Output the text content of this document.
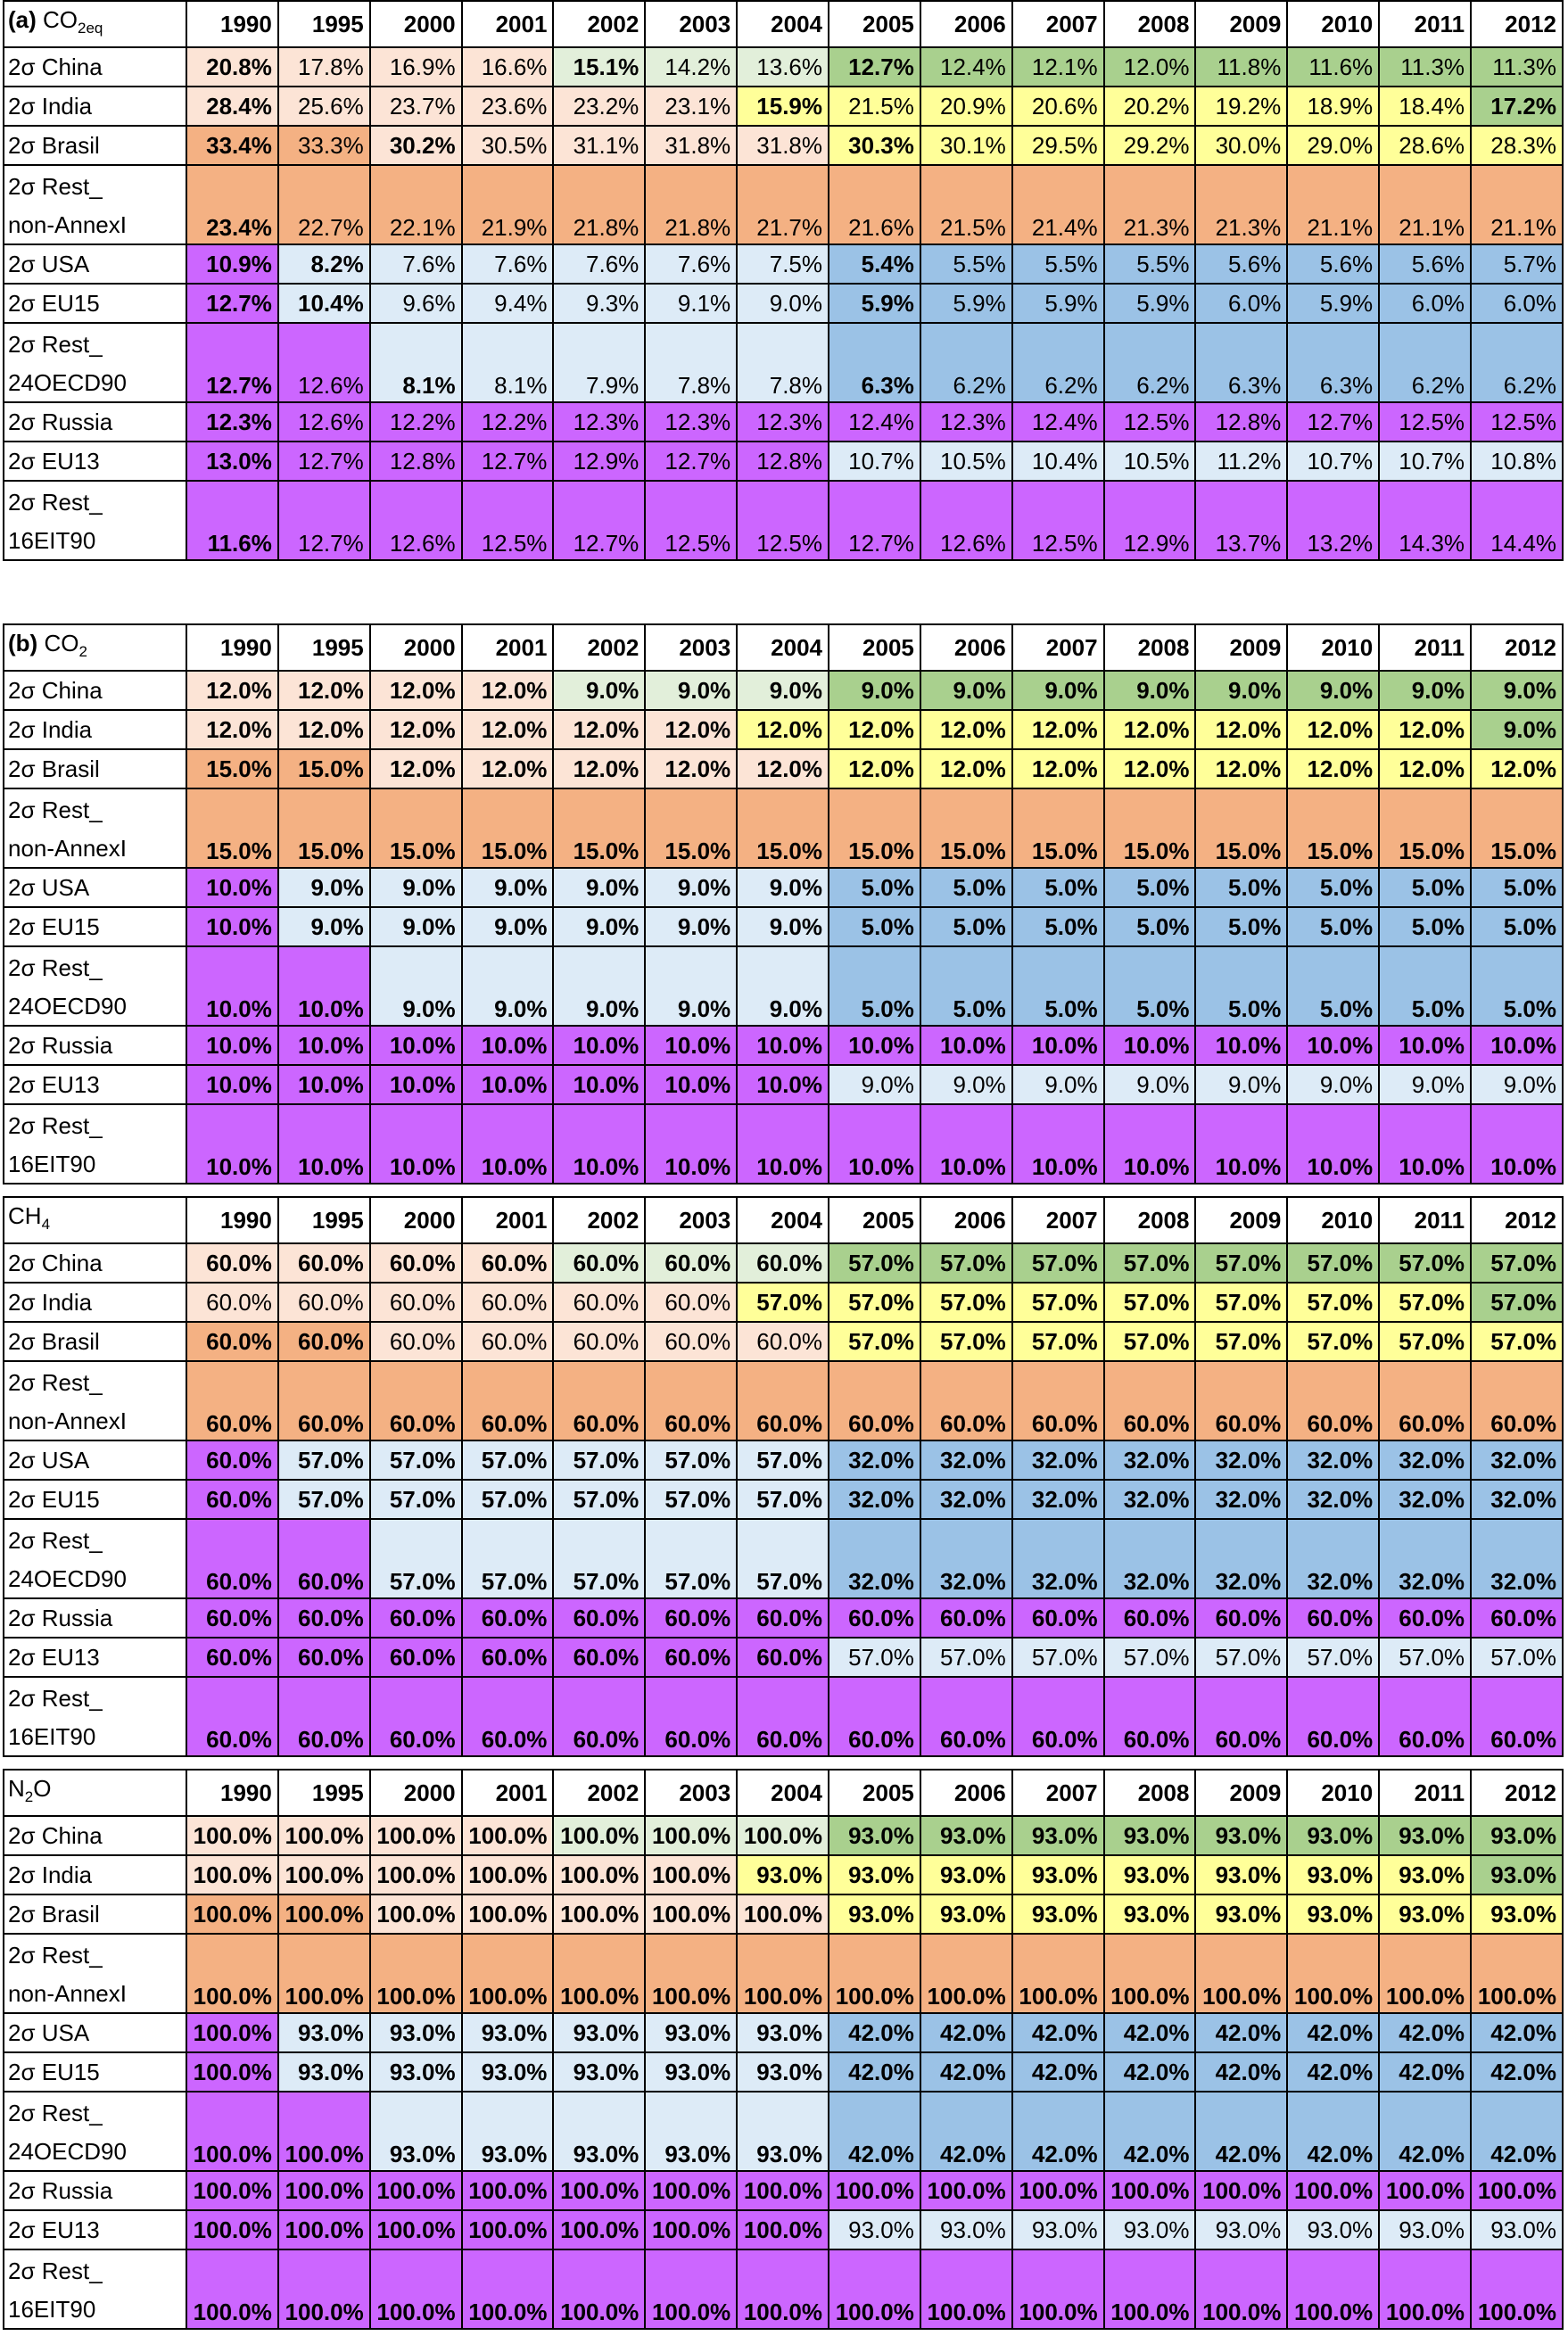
(a) $CO_{2eq}$	1990	1995	2000	2001	2002	2003	2004	2005	2006	2007	2008	2009	2010	2011	2012
2σ China	20.8%	17.8%	16.9%	16.6%	15.1%	14.2%	13.6%	12.7%	12.4%	12.1%	12.0%	11.8%	11.6%	11.3%	11.3%
2σ India	28.4%	25.6%	23.7%	23.6%	23.2%	23.1%	15.9%	21.5%	20.9%	20.6%	20.2%	19.2%	18.9%	18.4%	17.2%
2σ Brasil	33.4%	33.3%	30.2%	30.5%	31.1%	31.8%	31.8%	30.3%	30.1%	29.5%	29.2%	30.0%	29.0%	28.6%	28.3%

2σ Rest_
non-AnnexI	23.4%	22.7%	22.1%	21.9%	21.8%	21.8%	21.7%	21.6%	21.5%	21.4%	21.3%	21.3%	21.1%	21.1%	21.1%
2σ USA	10.9%	8.2%	7.6%	7.6%	7.6%	7.6%	7.5%	5.4%	5.5%	5.5%	5.5%	5.6%	5.6%	5.6%	5.7%
2σ EU15	12.7%	10.4%	9.6%	9.4%	9.3%	9.1%	9.0%	5.9%	5.9%	5.9%	5.9%	6.0%	5.9%	6.0%	6.0%

2σ Rest_
24OECD90	12.7%	12.6%	8.1%	8.1%	7.9%	7.8%	7.8%	6.3%	6.2%	6.2%	6.2%	6.3%	6.3%	6.2%	6.2%
2σ Russia	12.3%	12.6%	12.2%	12.2%	12.3%	12.3%	12.3%	12.4%	12.3%	12.4%	12.5%	12.8%	12.7%	12.5%	12.5%
2σ EU13	13.0%	12.7%	12.8%	12.7%	12.9%	12.7%	12.8%	10.7%	10.5%	10.4%	10.5%	11.2%	10.7%	10.7%	10.8%

2σ Rest_
16EIT90	11.6%	12.7%	12.6%	12.5%	12.7%	12.5%	12.5%	12.7%	12.6%	12.5%	12.9%	13.7%	13.2%	14.3%	14.4%
(b) $CO_2$	1990	1995	2000	2001	2002	2003	2004	2005	2006	2007	2008	2009	2010	2011	2012
2σ China	12.0%	12.0%	12.0%	12.0%	9.0%	9.0%	9.0%	9.0%	9.0%	9.0%	9.0%	9.0%	9.0%	9.0%	9.0%
2σ India	12.0%	12.0%	12.0%	12.0%	12.0%	12.0%	12.0%	12.0%	12.0%	12.0%	12.0%	12.0%	12.0%	12.0%	9.0%
2σ Brasil	15.0%	15.0%	12.0%	12.0%	12.0%	12.0%	12.0%	12.0%	12.0%	12.0%	12.0%	12.0%	12.0%	12.0%	12.0%

2σ Rest_
non-AnnexI	15.0%	15.0%	15.0%	15.0%	15.0%	15.0%	15.0%	15.0%	15.0%	15.0%	15.0%	15.0%	15.0%	15.0%	15.0%
2σ USA	10.0%	9.0%	9.0%	9.0%	9.0%	9.0%	9.0%	5.0%	5.0%	5.0%	5.0%	5.0%	5.0%	5.0%	5.0%
2σ EU15	10.0%	9.0%	9.0%	9.0%	9.0%	9.0%	9.0%	5.0%	5.0%	5.0%	5.0%	5.0%	5.0%	5.0%	5.0%

2σ Rest_
24OECD90	10.0%	10.0%	9.0%	9.0%	9.0%	9.0%	9.0%	5.0%	5.0%	5.0%	5.0%	5.0%	5.0%	5.0%	5.0%
2σ Russia	10.0%	10.0%	10.0%	10.0%	10.0%	10.0%	10.0%	10.0%	10.0%	10.0%	10.0%	10.0%	10.0%	10.0%	10.0%
2σ EU13	10.0%	10.0%	10.0%	10.0%	10.0%	10.0%	10.0%	9.0%	9.0%	9.0%	9.0%	9.0%	9.0%	9.0%	9.0%

2σ Rest_
16EIT90	10.0%	10.0%	10.0%	10.0%	10.0%	10.0%	10.0%	10.0%	10.0%	10.0%	10.0%	10.0%	10.0%	10.0%	10.0%
$CH_4$	1990	1995	2000	2001	2002	2003	2004	2005	2006	2007	2008	2009	2010	2011	2012
2σ China	60.0%	60.0%	60.0%	60.0%	60.0%	60.0%	60.0%	57.0%	57.0%	57.0%	57.0%	57.0%	57.0%	57.0%	57.0%
2σ India	60.0%	60.0%	60.0%	60.0%	60.0%	60.0%	57.0%	57.0%	57.0%	57.0%	57.0%	57.0%	57.0%	57.0%	57.0%
2σ Brasil	60.0%	60.0%	60.0%	60.0%	60.0%	60.0%	60.0%	57.0%	57.0%	57.0%	57.0%	57.0%	57.0%	57.0%	57.0%

2σ Rest_
non-AnnexI	60.0%	60.0%	60.0%	60.0%	60.0%	60.0%	60.0%	60.0%	60.0%	60.0%	60.0%	60.0%	60.0%	60.0%	60.0%
2σ USA	60.0%	57.0%	57.0%	57.0%	57.0%	57.0%	57.0%	32.0%	32.0%	32.0%	32.0%	32.0%	32.0%	32.0%	32.0%
2σ EU15	60.0%	57.0%	57.0%	57.0%	57.0%	57.0%	57.0%	32.0%	32.0%	32.0%	32.0%	32.0%	32.0%	32.0%	32.0%

2σ Rest_
24OECD90	60.0%	60.0%	57.0%	57.0%	57.0%	57.0%	57.0%	32.0%	32.0%	32.0%	32.0%	32.0%	32.0%	32.0%	32.0%
2σ Russia	60.0%	60.0%	60.0%	60.0%	60.0%	60.0%	60.0%	60.0%	60.0%	60.0%	60.0%	60.0%	60.0%	60.0%	60.0%
2σ EU13	60.0%	60.0%	60.0%	60.0%	60.0%	60.0%	60.0%	57.0%	57.0%	57.0%	57.0%	57.0%	57.0%	57.0%	57.0%

2σ Rest_
16EIT90	60.0%	60.0%	60.0%	60.0%	60.0%	60.0%	60.0%	60.0%	60.0%	60.0%	60.0%	60.0%	60.0%	60.0%	60.0%
$N_2O$	1990	1995	2000	2001	2002	2003	2004	2005	2006	2007	2008	2009	2010	2011	2012
2σ China	100.0%	100.0%	100.0%	100.0%	100.0%	100.0%	100.0%	93.0%	93.0%	93.0%	93.0%	93.0%	93.0%	93.0%	93.0%
2σ India	100.0%	100.0%	100.0%	100.0%	100.0%	100.0%	93.0%	93.0%	93.0%	93.0%	93.0%	93.0%	93.0%	93.0%	93.0%
2σ Brasil	100.0%	100.0%	100.0%	100.0%	100.0%	100.0%	100.0%	93.0%	93.0%	93.0%	93.0%	93.0%	93.0%	93.0%	93.0%

2σ Rest_
non-AnnexI	100.0%	100.0%	100.0%	100.0%	100.0%	100.0%	100.0%	100.0%	100.0%	100.0%	100.0%	100.0%	100.0%	100.0%	100.0%
2σ USA	100.0%	93.0%	93.0%	93.0%	93.0%	93.0%	93.0%	42.0%	42.0%	42.0%	42.0%	42.0%	42.0%	42.0%	42.0%
2σ EU15	100.0%	93.0%	93.0%	93.0%	93.0%	93.0%	93.0%	42.0%	42.0%	42.0%	42.0%	42.0%	42.0%	42.0%	42.0%

2σ Rest_
24OECD90	100.0%	100.0%	93.0%	93.0%	93.0%	93.0%	93.0%	42.0%	42.0%	42.0%	42.0%	42.0%	42.0%	42.0%	42.0%
2σ Russia	100.0%	100.0%	100.0%	100.0%	100.0%	100.0%	100.0%	100.0%	100.0%	100.0%	100.0%	100.0%	100.0%	100.0%	100.0%
2σ EU13	100.0%	100.0%	100.0%	100.0%	100.0%	100.0%	100.0%	93.0%	93.0%	93.0%	93.0%	93.0%	93.0%	93.0%	93.0%

2σ Rest_
16EIT90	100.0%	100.0%	100.0%	100.0%	100.0%	100.0%	100.0%	100.0%	100.0%	100.0%	100.0%	100.0%	100.0%	100.0%	100.0%
